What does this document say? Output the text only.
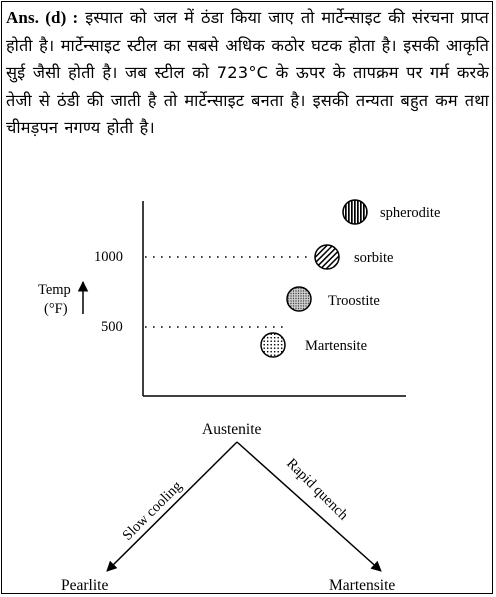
Ans. (d) : इस्पात को जल में ठंडा किया जाए तो मार्टेन्साइट की संरचना प्राप्त होती है। मार्टेन्साइट स्टील का सबसे अधिक कठोर घटक होता है। इसकी आकृति सुई जैसी होती है। जब स्टील को 723°C के ऊपर के तापक्रम पर गर्म करके तेजी से ठंडी की जाती है तो मार्टेन्साइट बनता है। इसकी तन्यता बहुत कम तथा चीमड़पन नगण्य होती है।
Temp
(°F)
1000
500
spherodite
sorbite
Troostite
Martensite
Austenite
Slow cooling	Rapid quench
Pearlite	Martensite
